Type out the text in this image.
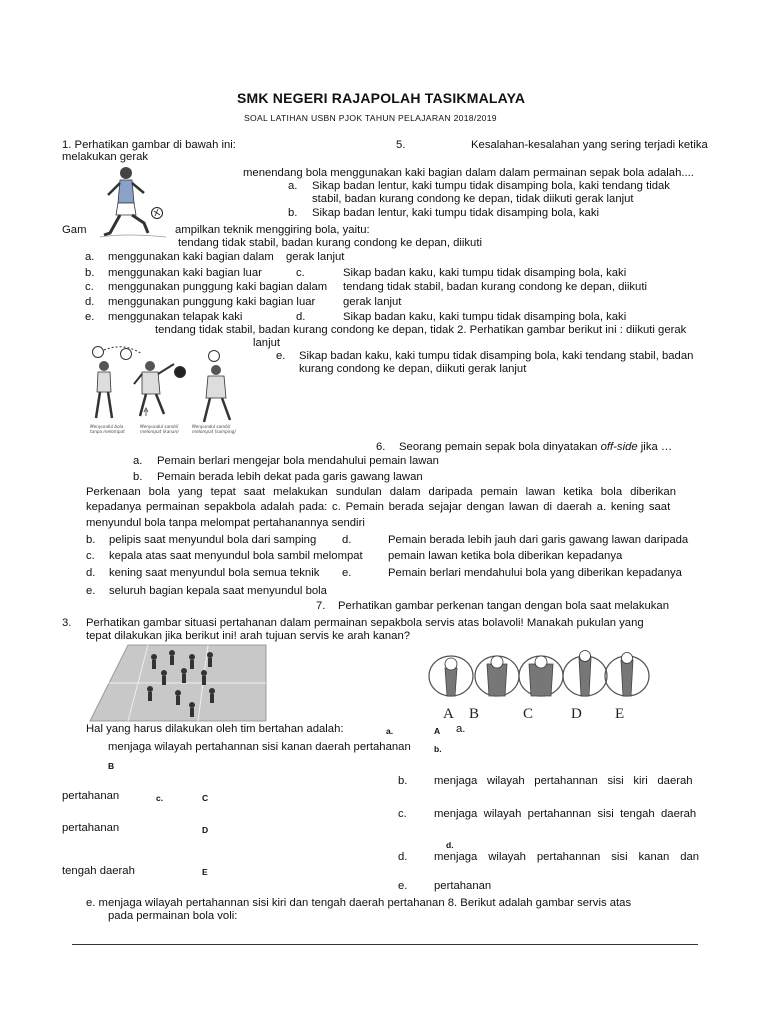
SMK NEGERI RAJAPOLAH TASIKMALAYA
SOAL LATIHAN USBN PJOK TAHUN PELAJARAN 2018/2019
1. Perhatikan gambar di bawah ini:	5.	Kesalahan-kesalahan yang sering terjadi ketika
melakukan gerak
menendang bola menggunakan kaki bagian dalam dalam permainan sepak bola adalah....
a. Sikap badan lentur, kaki tumpu tidak disamping bola, kaki tendang tidak
stabil, badan kurang condong ke depan, tidak diikuti gerak lanjut
b. Sikap badan lentur, kaki tumpu tidak disamping bola, kaki
Gam	ampilkan teknik menggiring bola, yaitu:
tendang tidak stabil, badan kurang condong ke depan, diikuti
a. menggunakan kaki bagian dalam gerak lanjut
b. menggunakan kaki bagian luar	c.	Sikap badan kaku, kaki tumpu tidak disamping bola, kaki
c. menggunakan punggung kaki bagian dalam tendang tidak stabil, badan kurang condong ke depan, diikuti
d. menggunakan punggung kaki bagian luar gerak lanjut
e. menggunakan telapak kaki	d.	Sikap badan kaku, kaki tumpu tidak disamping bola, kaki
tendang tidak stabil, badan kurang condong ke depan, tidak 2. Perhatikan gambar berikut ini : diikuti gerak
lanjut
Menyundul bola
tanpa melompat
Menyundul sambil
melompat (kanan)
Menyundul sambil
melompat (samping)
e. Sikap badan kaku, kaki tumpu tidak disamping bola, kaki tendang stabil, badan
kurang condong ke depan, diikuti gerak lanjut
6. Seorang pemain sepak bola dinyatakan off-side jika …
a. Pemain berlari mengejar bola mendahului pemain lawan
b. Pemain berada lebih dekat pada garis gawang lawan
Perkenaan bola yang tepat saat melakukan sundulan dalam daripada pemain lawan ketika bola diberikan
kepadanya permainan sepakbola adalah pada: c. Pemain berada sejajar dengan lawan di daerah a. kening saat
menyundul bola tanpa melompat pertahanannya sendiri
b. pelipis saat menyundul bola dari samping d.	Pemain berada lebih jauh dari garis gawang lawan daripada
c. kepala atas saat menyundul bola sambil melompat pemain lawan ketika bola diberikan kepadanya
d. kening saat menyundul bola semua teknik e.	Pemain berlari mendahului bola yang diberikan kepadanya
e. seluruh bagian kepala saat menyundul bola
7. Perhatikan gambar perkenan tangan dengan bola saat melakukan
3. Perhatikan gambar situasi pertahanan dalam permainan sepakbola servis atas bolavoli! Manakah pukulan yang
tepat dilakukan jika berikut ini! arah tujuan servis ke arah kanan?
A B	C	D E
Hal yang harus dilakukan oleh tim bertahan adalah:	a.	A a.
menjaga wilayah pertahannan sisi kanan daerah pertahanan	b.
B
b. menjaga wilayah pertahannan sisi kiri daerah
pertahanan	c.	C
c. menjaga wilayah pertahannan sisi tengah daerah
pertahanan	D
d.
d. menjaga wilayah pertahannan sisi kanan dan
tengah daerah	E
e. pertahanan
e. menjaga wilayah pertahannan sisi kiri dan tengah daerah pertahanan 8. Berikut adalah gambar servis atas
pada permainan bola voli:
